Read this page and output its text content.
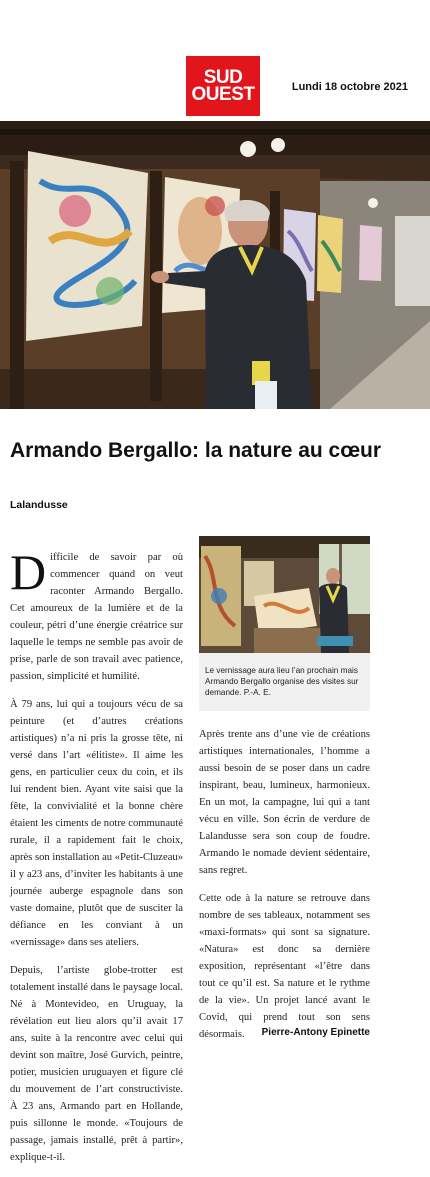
SUD
OUEST	Lundi 18 octobre 2021
Armando Bergallo: la nature au cœur
Lalandusse

Difficile de savoir par où commencer quand on veut raconter Armando Bergallo. Cet amoureux de la lumière et de la couleur, pétri d’une énergie créatrice sur laquelle le temps ne semble pas avoir de prise, parle de son travail avec patience, passion, simplicité et humilité.

À 79 ans, lui qui a toujours vécu de sa peinture (et d’autres créations artistiques) n’a ni pris la grosse tête, ni versé dans l’art «élitiste». Il aime les gens, en particulier ceux du coin, et ils lui rendent bien. Ayant vite saisi que la fête, la convivialité et la bonne chère étaient les ciments de notre communauté rurale, il a rapidement fait le choix, après son installation au «Petit-Cluzeau» il y a23 ans, d’inviter les habitants à une journée auberge espagnole dans son vaste domaine, plutôt que de susciter la défiance en les conviant à un «vernissage» dans ses ateliers.

Depuis, l’artiste globe-trotter est totalement installé dans le paysage local. Né à Montevideo, en Uruguay, la révélation eut lieu alors qu’il avait 17 ans, suite à la rencontre avec celui qui devint son maître, José Gurvich, peintre, potier, musicien uruguayen et figure clé du mouvement de l’art constructiviste. À 23 ans, Armando part en Hollande, puis sillonne le monde. «Toujours de passage, jamais installé, prêt à partir», explique-t-il.

Le vernissage aura lieu l’an prochain mais Armando Bergallo organise des visites sur demande. P.-A. E.

Après trente ans d’une vie de créations artistiques internationales, l’homme a aussi besoin de se poser dans un cadre inspirant, beau, lumineux, harmonieux. En un mot, la campagne, lui qui a tant vécu en ville. Son écrin de verdure de Lalandusse sera son coup de foudre. Armando le nomade devient sédentaire, sans regret.

Cette ode à la nature se retrouve dans nombre de ses tableaux, notamment ses «maxi-formats» qui sont sa signature. «Natura» est donc sa dernière exposition, représentant «l’être dans tout ce qu’il est. Sa nature et le rythme de la vie». Un projet lancé avant le Covid, qui prend tout son sens désormais.	Pierre-Antony Epinette
